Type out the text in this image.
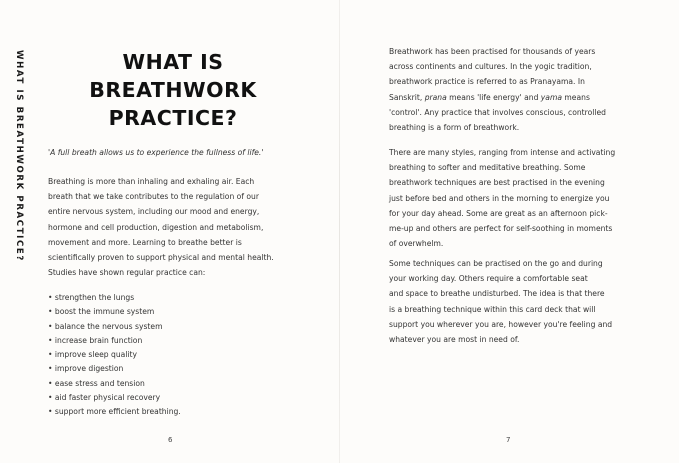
WHAT IS BREATHWORK PRACTICE?	WHAT IS
BREATHWORK
PRACTICE?
'A full breath allows us to experience the fullness of life.'
Breathing is more than inhaling and exhaling air. Each
breath that we take contributes to the regulation of our
entire nervous system, including our mood and energy,
hormone and cell production, digestion and metabolism,
movement and more. Learning to breathe better is
scientifically proven to support physical and mental health.
Studies have shown regular practice can:
• strengthen the lungs
• boost the immune system
• balance the nervous system
• increase brain function
• improve sleep quality
• improve digestion
• ease stress and tension
• aid faster physical recovery
• support more efficient breathing.
6
Breathwork has been practised for thousands of years
across continents and cultures. In the yogic tradition,
breathwork practice is referred to as Pranayama. In
Sanskrit, prana means 'life energy' and yama means
'control'. Any practice that involves conscious, controlled
breathing is a form of breathwork.
There are many styles, ranging from intense and activating
breathing to softer and meditative breathing. Some
breathwork techniques are best practised in the evening
just before bed and others in the morning to energize you
for your day ahead. Some are great as an afternoon pick-
me-up and others are perfect for self-soothing in moments
of overwhelm.
Some techniques can be practised on the go and during
your working day. Others require a comfortable seat
and space to breathe undisturbed. The idea is that there
is a breathing technique within this card deck that will
support you wherever you are, however you're feeling and
whatever you are most in need of.
7
